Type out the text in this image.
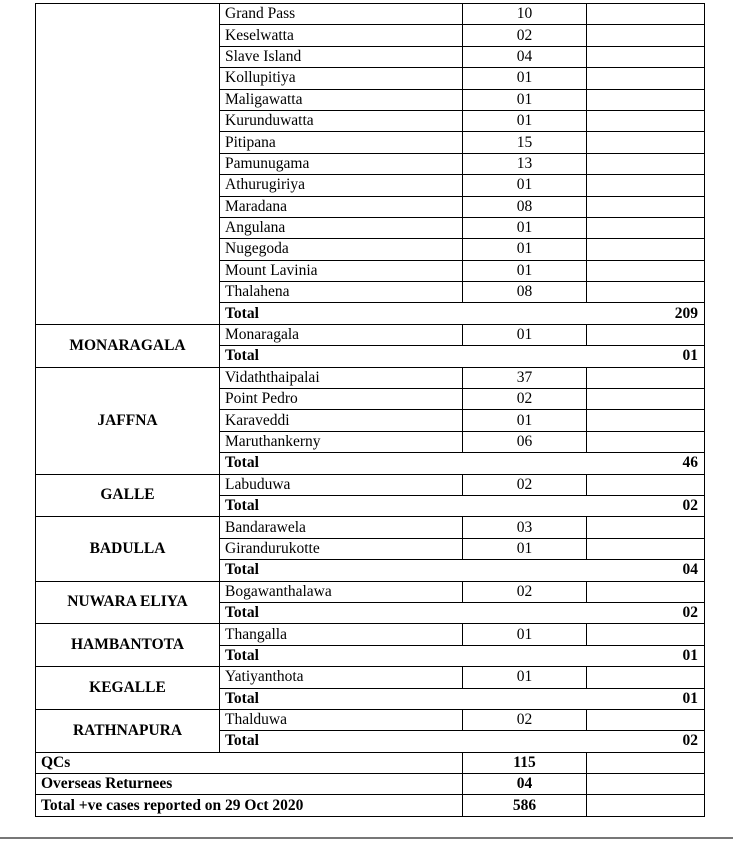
	Grand Pass	10	
	Keselwatta	02	
	Slave Island	04	
	Kollupitiya	01	
	Maligawatta	01	
	Kurunduwatta	01	
	Pitipana	15	
	Pamunugama	13	
	Athurugiriya	01	
	Maradana	08	
	Angulana	01	
	Nugegoda	01	
	Mount Lavinia	01	
	Thalahena	08	
	Total		209
MONARAGALA	Monaragala	01	
	Total		01
JAFFNA	Vidaththaipalai	37	
	Point Pedro	02	
	Karaveddi	01	
	Maruthankerny	06	
	Total		46
GALLE	Labuduwa	02	
	Total		02
BADULLA	Bandarawela	03	
	Girandurukotte	01	
	Total		04
NUWARA ELIYA	Bogawanthalawa	02	
	Total		02
HAMBANTOTA	Thangalla	01	
	Total		01
KEGALLE	Yatiyanthota	01	
	Total		01
RATHNAPURA	Thalduwa	02	
	Total		02
QCs		115	
Overseas Returnees		04	
Total +ve cases reported on 29 Oct 2020		586	
